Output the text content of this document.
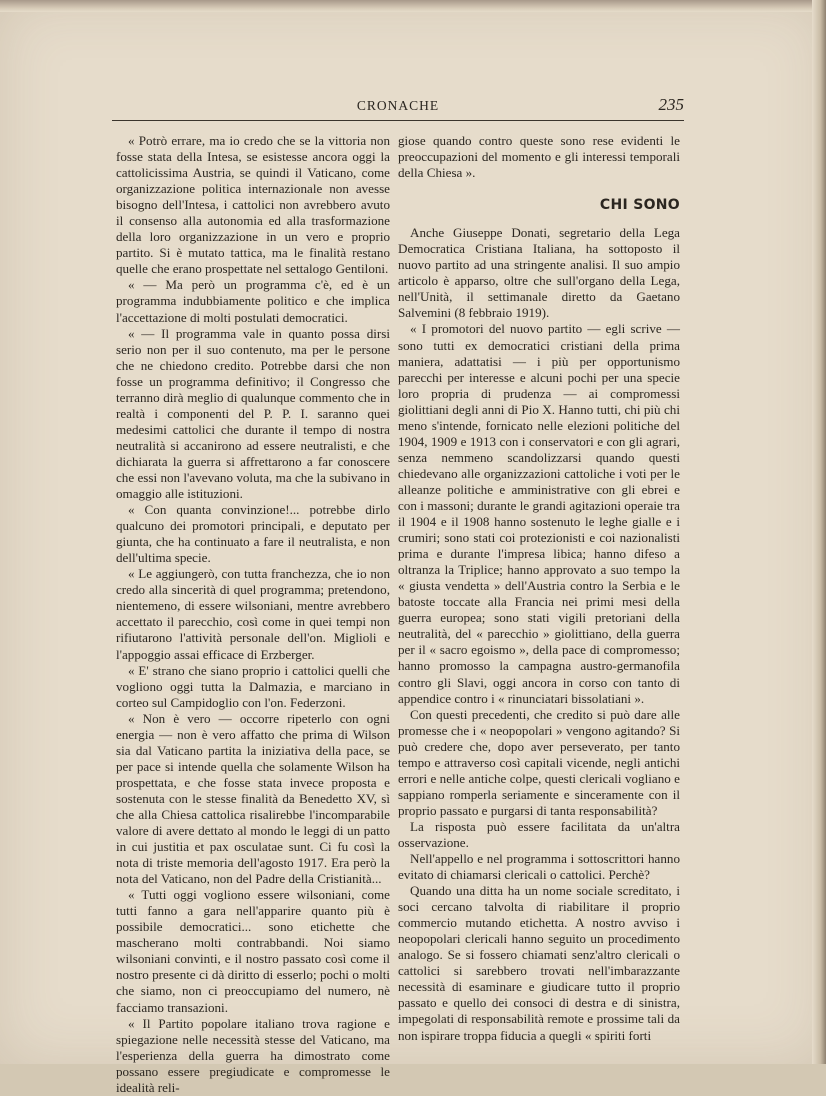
CRONACHE	235

« Potrò errare, ma io credo che se la vittoria non fosse stata della Intesa, se esistesse ancora oggi la cattolicissima Austria, se quindi il Vaticano, come organizzazione politica internazionale non avesse bisogno dell'Intesa, i cattolici non avrebbero avuto il consenso alla autonomia ed alla trasformazione della loro organizzazione in un vero e proprio partito. Si è mutato tattica, ma le finalità restano quelle che erano prospettate nel settalogo Gentiloni.

« — Ma però un programma c'è, ed è un programma indubbiamente politico e che implica l'accettazione di molti postulati democratici.

« — Il programma vale in quanto possa dirsi serio non per il suo contenuto, ma per le persone che ne chiedono credito. Potrebbe darsi che non fosse un programma definitivo; il Congresso che terranno dirà meglio di qualunque commento che in realtà i componenti del P. P. I. saranno quei medesimi cattolici che durante il tempo di nostra neutralità si accanirono ad essere neutralisti, e che dichiarata la guerra si affrettarono a far conoscere che essi non l'avevano voluta, ma che la subivano in omaggio alle istituzioni.

« Con quanta convinzione!... potrebbe dirlo qualcuno dei promotori principali, e deputato per giunta, che ha continuato a fare il neutralista, e non dell'ultima specie.

« Le aggiungerò, con tutta franchezza, che io non credo alla sincerità di quel programma; pretendono, nientemeno, di essere wilsoniani, mentre avrebbero accettato il parecchio, così come in quei tempi non rifiutarono l'attività personale dell'on. Miglioli e l'appoggio assai efficace di Erzberger.

« E' strano che siano proprio i cattolici quelli che vogliono oggi tutta la Dalmazia, e marciano in corteo sul Campidoglio con l'on. Federzoni.

« Non è vero — occorre ripeterlo con ogni energia — non è vero affatto che prima di Wilson sia dal Vaticano partita la iniziativa della pace, se per pace si intende quella che solamente Wilson ha prospettata, e che fosse stata invece proposta e sostenuta con le stesse finalità da Benedetto XV, sì che alla Chiesa cattolica risalirebbe l'incomparabile valore di avere dettato al mondo le leggi di un patto in cui justitia et pax osculatae sunt. Ci fu così la nota di triste memoria dell'agosto 1917. Era però la nota del Vaticano, non del Padre della Cristianità...

« Tutti oggi vogliono essere wilsoniani, come tutti fanno a gara nell'apparire quanto più è possibile democratici... sono etichette che mascherano molti contrabbandi. Noi siamo wilsoniani convinti, e il nostro passato così come il nostro presente ci dà diritto di esserlo; pochi o molti che siamo, non ci preoccupiamo del numero, nè facciamo transazioni.

« Il Partito popolare italiano trova ragione e spiegazione nelle necessità stesse del Vaticano, ma l'esperienza della guerra ha dimostrato come possano essere pregiudicate e compromesse le idealità reli-

giose quando contro queste sono rese evidenti le preoccupazioni del momento e gli interessi temporali della Chiesa ».

CHI SONO

Anche Giuseppe Donati, segretario della Lega Democratica Cristiana Italiana, ha sottoposto il nuovo partito ad una stringente analisi. Il suo ampio articolo è apparso, oltre che sull'organo della Lega, nell'Unità, il settimanale diretto da Gaetano Salvemini (8 febbraio 1919).

« I promotori del nuovo partito — egli scrive — sono tutti ex democratici cristiani della prima maniera, adattatisi — i più per opportunismo parecchi per interesse e alcuni pochi per una specie loro propria di prudenza — ai compromessi giolittiani degli anni di Pio X. Hanno tutti, chi più chi meno s'intende, fornicato nelle elezioni politiche del 1904, 1909 e 1913 con i conservatori e con gli agrari, senza nemmeno scandolizzarsi quando questi chiedevano alle organizzazioni cattoliche i voti per le alleanze politiche e amministrative con gli ebrei e con i massoni; durante le grandi agitazioni operaie tra il 1904 e il 1908 hanno sostenuto le leghe gialle e i crumiri; sono stati coi protezionisti e coi nazionalisti prima e durante l'impresa libica; hanno difeso a oltranza la Triplice; hanno approvato a suo tempo la « giusta vendetta » dell'Austria contro la Serbia e le batoste toccate alla Francia nei primi mesi della guerra europea; sono stati vigili pretoriani della neutralità, del « parecchio » giolittiano, della guerra per il « sacro egoismo », della pace di compromesso; hanno promosso la campagna austro-germanofila contro gli Slavi, oggi ancora in corso con tanto di appendice contro i « rinunciatari bissolatiani ».

Con questi precedenti, che credito si può dare alle promesse che i « neopopolari » vengono agitando? Si può credere che, dopo aver perseverato, per tanto tempo e attraverso così capitali vicende, negli antichi errori e nelle antiche colpe, questi clericali vogliano e sappiano romperla seriamente e sinceramente con il proprio passato e purgarsi di tanta responsabilità?

La risposta può essere facilitata da un'altra osservazione.

Nell'appello e nel programma i sottoscrittori hanno evitato di chiamarsi clericali o cattolici. Perchè?

Quando una ditta ha un nome sociale screditato, i soci cercano talvolta di riabilitare il proprio commercio mutando etichetta. A nostro avviso i neopopolari clericali hanno seguito un procedimento analogo. Se si fossero chiamati senz'altro clericali o cattolici si sarebbero trovati nell'imbarazzante necessità di esaminare e giudicare tutto il proprio passato e quello dei consoci di destra e di sinistra, impegolati di responsabilità remote e prossime tali da non ispirare troppa fiducia a quegli « spiriti forti
